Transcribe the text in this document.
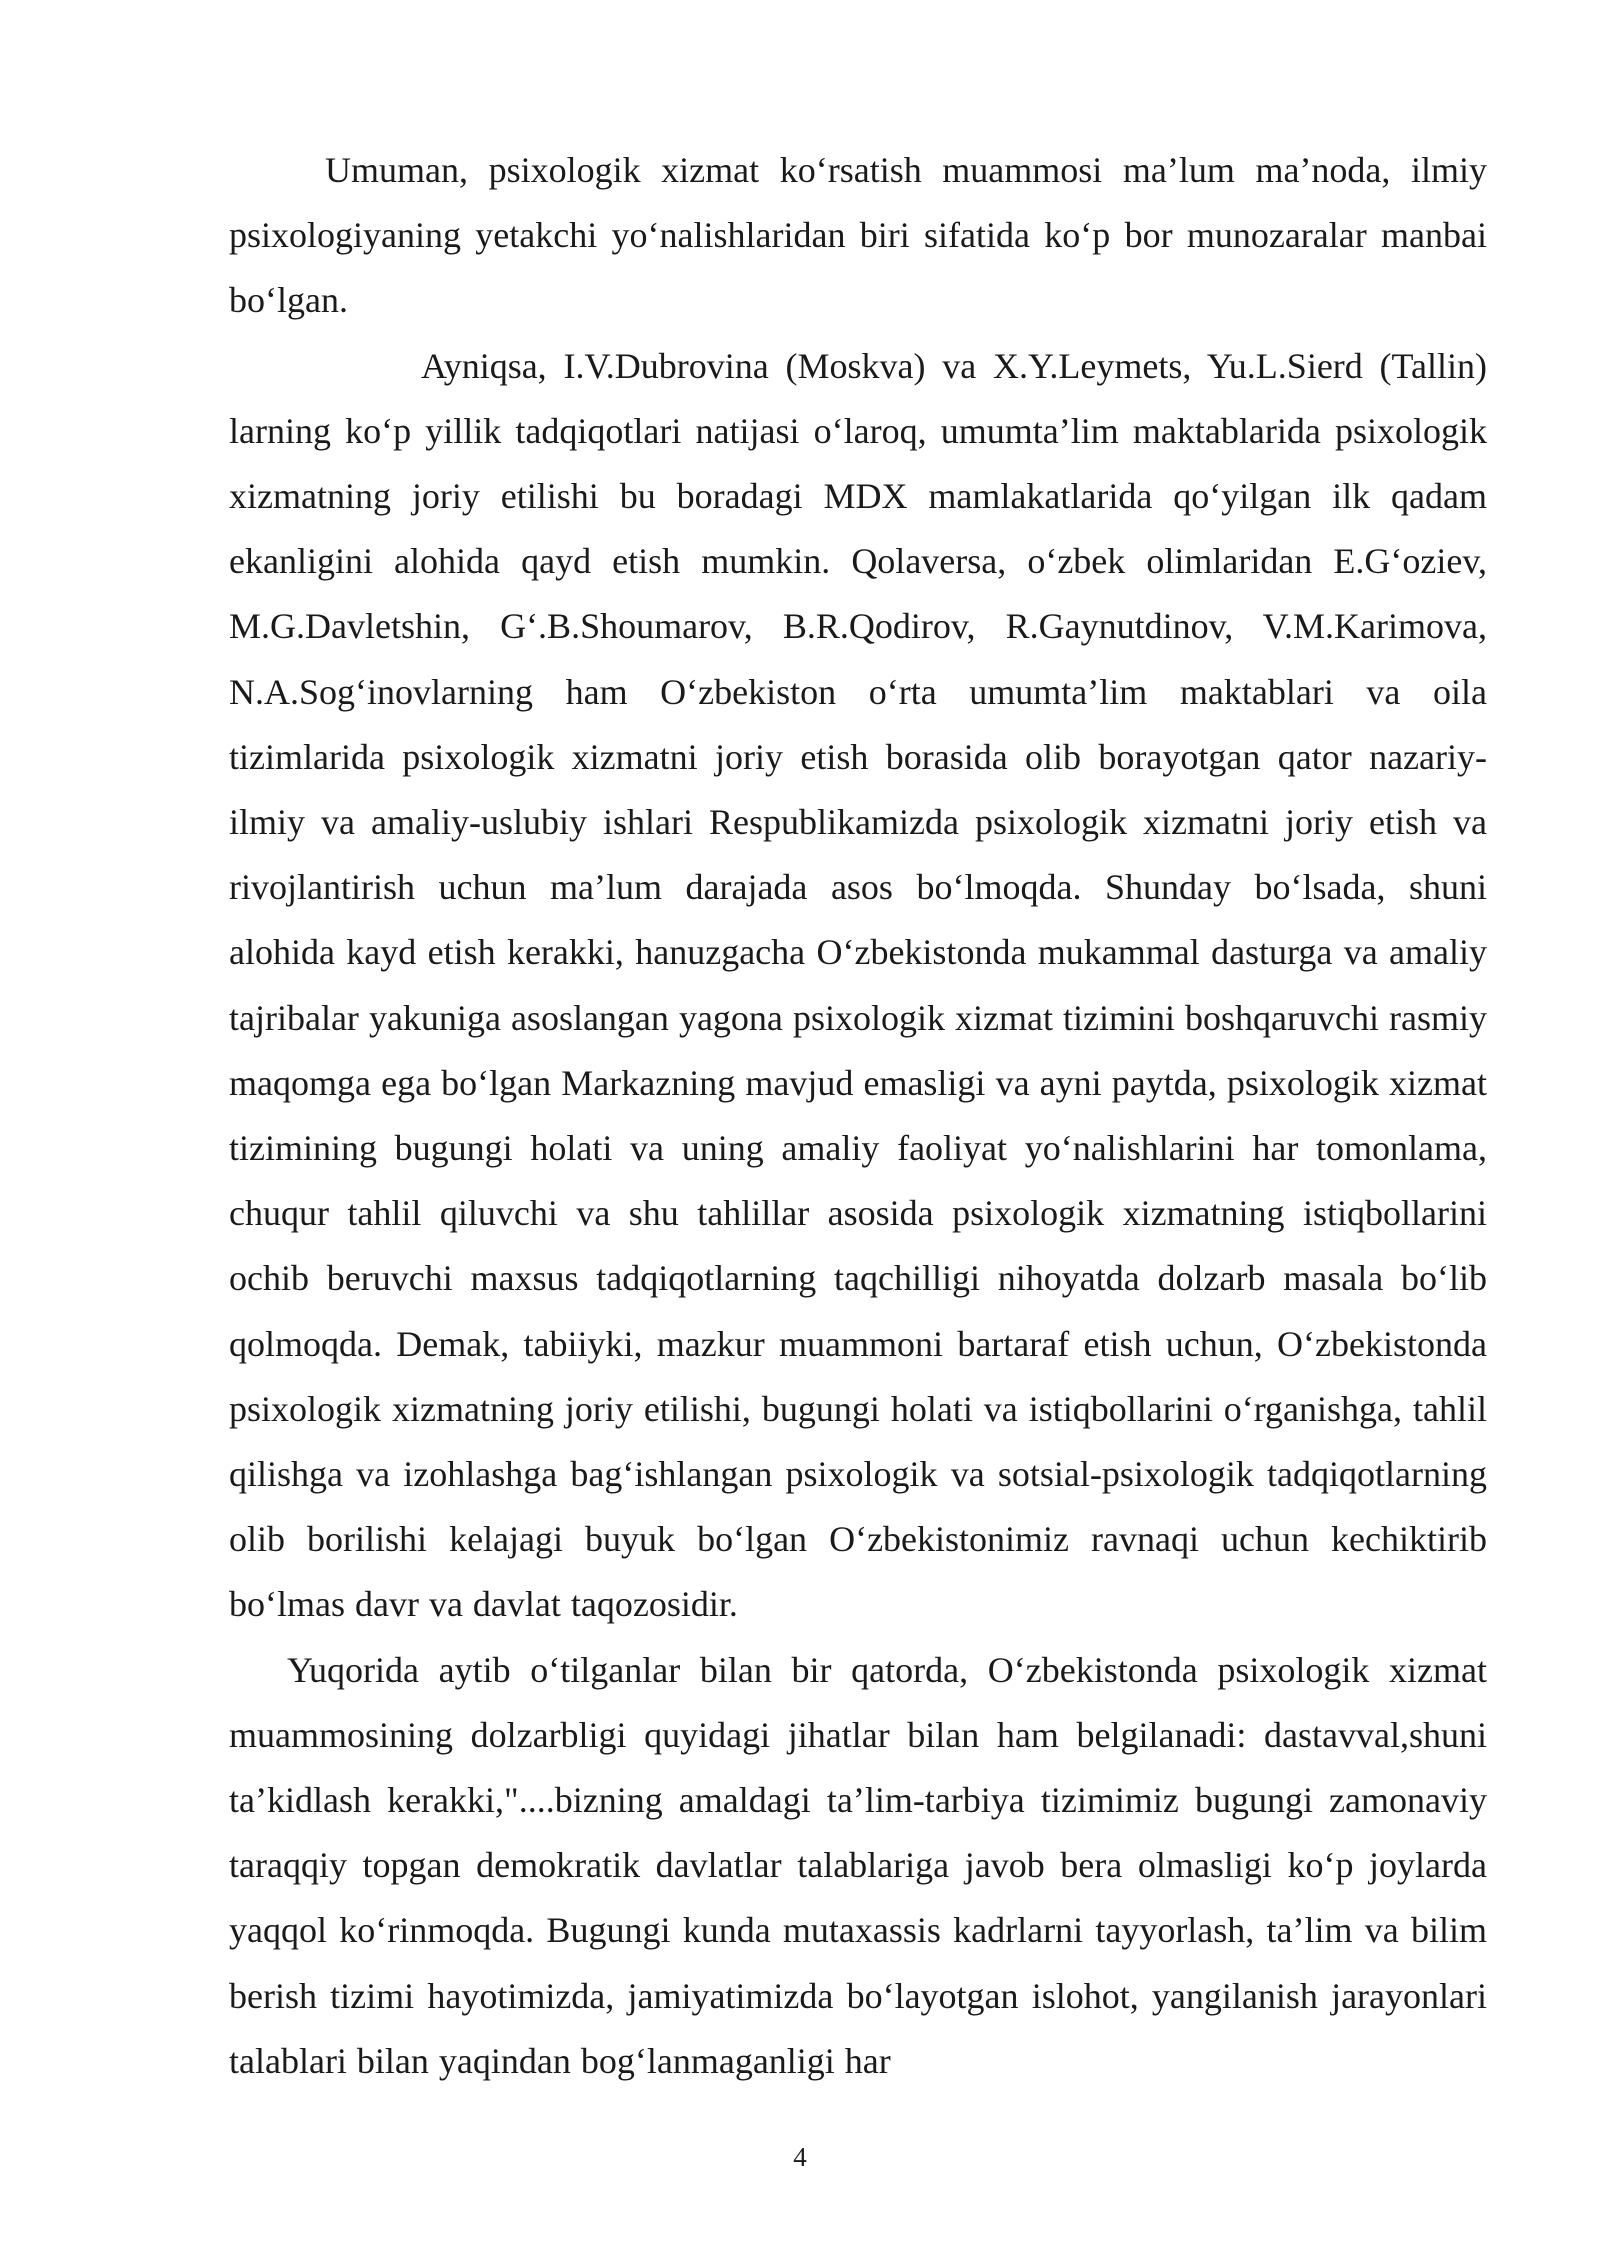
Umuman, psixologik xizmat ko‘rsatish muammosi ma’lum ma’noda, ilmiy psixologiyaning yetakchi yo‘nalishlaridan biri sifatida ko‘p bor munozaralar manbai bo‘lgan.

Ayniqsa, I.V.Dubrovina (Moskva) va X.Y.Leymets, Yu.L.Sierd (Tallin) larning ko‘p yillik tadqiqotlari natijasi o‘laroq, umumta’lim maktablarida psixologik xizmatning joriy etilishi bu boradagi MDX mamlakatlarida qo‘yilgan ilk qadam ekanligini alohida qayd etish mumkin. Qolaversa, o‘zbek olimlaridan E.G‘oziev, M.G.Davletshin, G‘.B.Shoumarov, B.R.Qodirov, R.Gaynutdinov, V.M.Karimova, N.A.Sog‘inovlarning ham O‘zbekiston o‘rta umumta’lim maktablari va oila tizimlarida psixologik xizmatni joriy etish borasida olib borayotgan qator nazariy-ilmiy va amaliy-uslubiy ishlari Respublikamizda psixologik xizmatni joriy etish va rivojlantirish uchun ma’lum darajada asos bo‘lmoqda. Shunday bo‘lsada, shuni alohida kayd etish kerakki, hanuzgacha O‘zbekistonda mukammal dasturga va amaliy tajribalar yakuniga asoslangan yagona psixologik xizmat tizimini boshqaruvchi rasmiy maqomga ega bo‘lgan Markazning mavjud emasligi va ayni paytda, psixologik xizmat tizimining bugungi holati va uning amaliy faoliyat yo‘nalishlarini har tomonlama, chuqur tahlil qiluvchi va shu tahlillar asosida psixologik xizmatning istiqbollarini ochib beruvchi maxsus tadqiqotlarning taqchilligi nihoyatda dolzarb masala bo‘lib qolmoqda. Demak, tabiiyki, mazkur muammoni bartaraf etish uchun, O‘zbekistonda psixologik xizmatning joriy etilishi, bugungi holati va istiqbollarini o‘rganishga, tahlil qilishga va izohlashga bag‘ishlangan psixologik va sotsial-psixologik tadqiqotlarning olib borilishi kelajagi buyuk bo‘lgan O‘zbekistonimiz ravnaqi uchun kechiktirib bo‘lmas davr va davlat taqozosidir.

Yuqorida aytib o‘tilganlar bilan bir qatorda, O‘zbekistonda psixologik xizmat muammosining dolzarbligi quyidagi jihatlar bilan ham belgilanadi: dastavval,shuni ta’kidlash kerakki,"....bizning amaldagi ta’lim-tarbiya tizimimiz bugungi zamonaviy taraqqiy topgan demokratik davlatlar talablariga javob bera olmasligi ko‘p joylarda yaqqol ko‘rinmoqda. Bugungi kunda mutaxassis kadrlarni tayyorlash, ta’lim va bilim berish tizimi hayotimizda, jamiyatimizda bo‘layotgan islohot, yangilanish jarayonlari talablari bilan yaqindan bog‘lanmaganligi har

4
